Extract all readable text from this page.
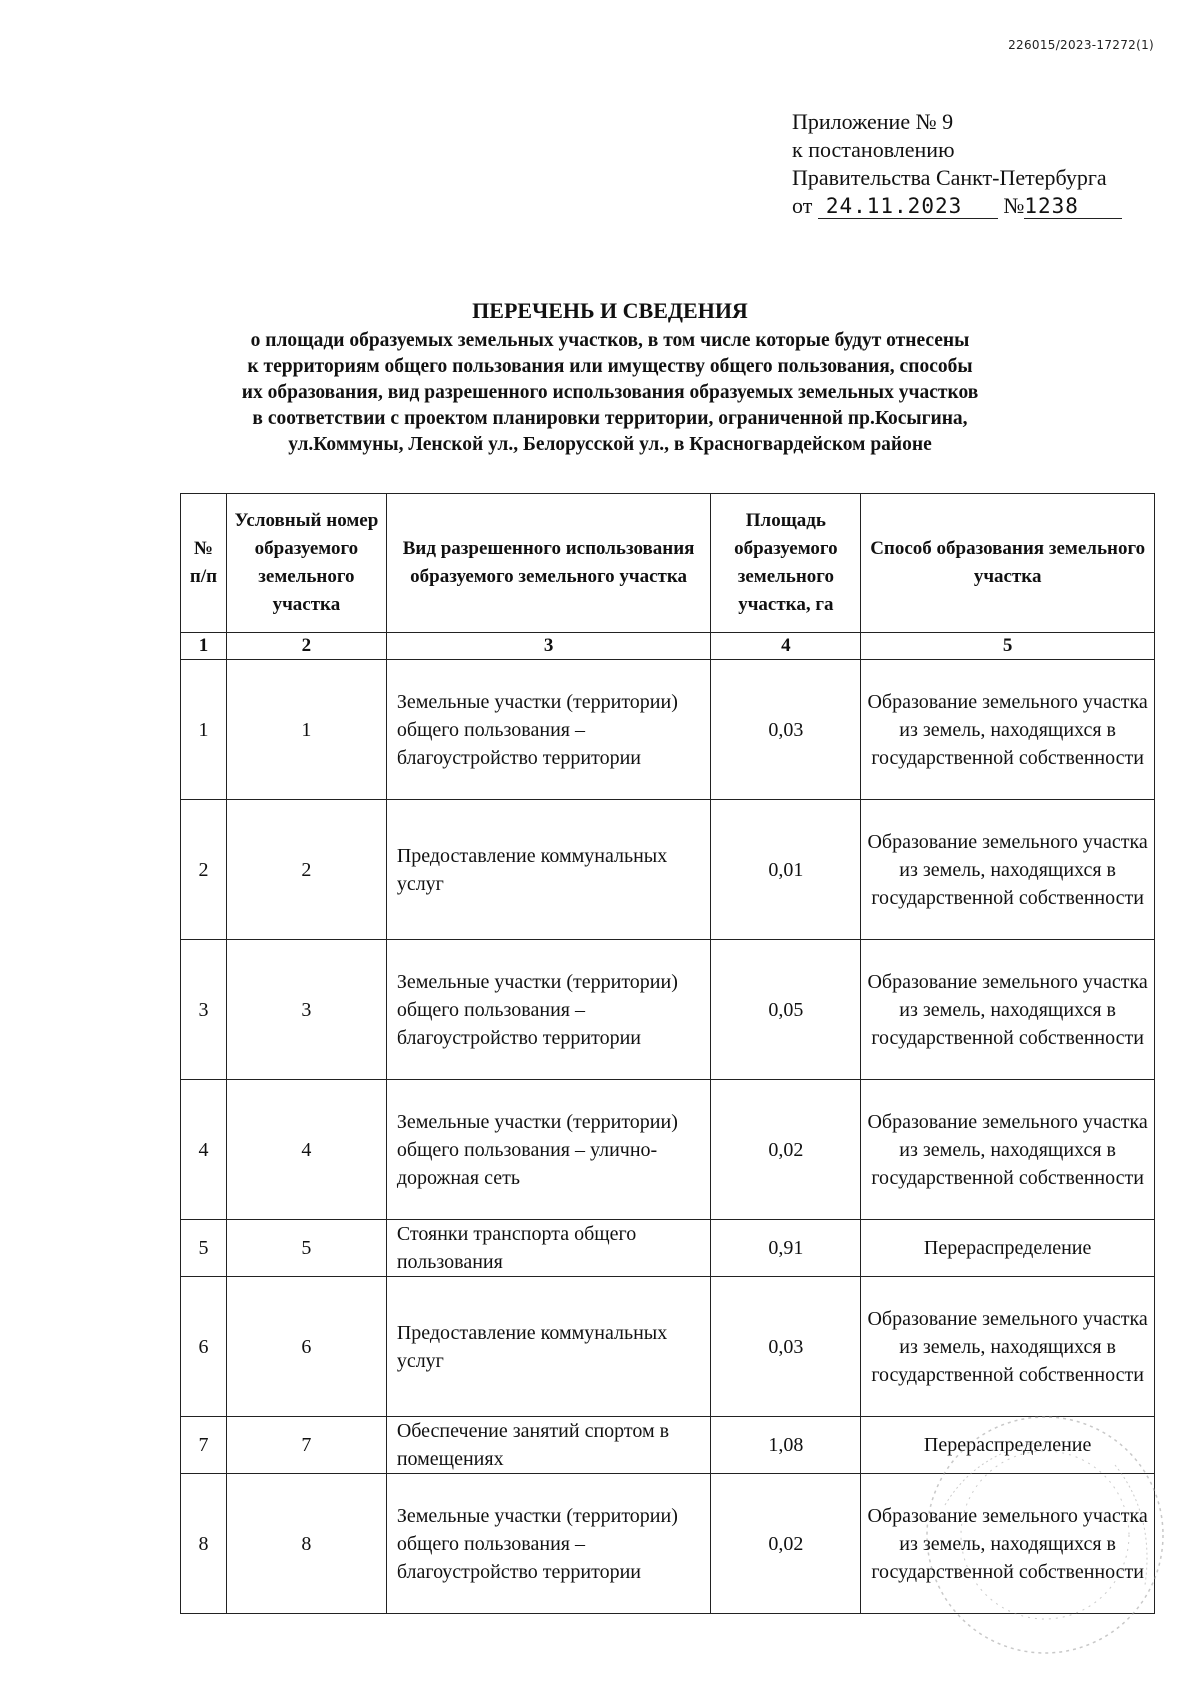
226015/2023-17272(1)
Приложение № 9
к постановлению
Правительства Санкт-Петербурга
от 24.11.2023 №1238
ПЕРЕЧЕНЬ И СВЕДЕНИЯ
о площади образуемых земельных участков, в том числе которые будут отнесены
к территориям общего пользования или имуществу общего пользования, способы
их образования, вид разрешенного использования образуемых земельных участков
в соответствии с проектом планировки территории, ограниченной пр.Косыгина,
ул.Коммуны, Ленской ул., Белорусской ул., в Красногвардейском районе
№ п/п	Условный номер образуемого земельного участка	Вид разрешенного использования образуемого земельного участка	Площадь образуемого земельного участка, га	Способ образования земельного участка
1	2	3	4	5
1	1	Земельные участки (территории) общего пользования – благоустройство территории	0,03	Образование земельного участка из земель, находящихся в государственной собственности
2	2	Предоставление коммунальных услуг	0,01	Образование земельного участка из земель, находящихся в государственной собственности
3	3	Земельные участки (территории) общего пользования – благоустройство территории	0,05	Образование земельного участка из земель, находящихся в государственной собственности
4	4	Земельные участки (территории) общего пользования – улично-дорожная сеть	0,02	Образование земельного участка из земель, находящихся в государственной собственности
5	5	Стоянки транспорта общего пользования	0,91	Перераспределение
6	6	Предоставление коммунальных услуг	0,03	Образование земельного участка из земель, находящихся в государственной собственности
7	7	Обеспечение занятий спортом в помещениях	1,08	Перераспределение
8	8	Земельные участки (территории) общего пользования – благоустройство территории	0,02	Образование земельного участка из земель, находящихся в государственной собственности
